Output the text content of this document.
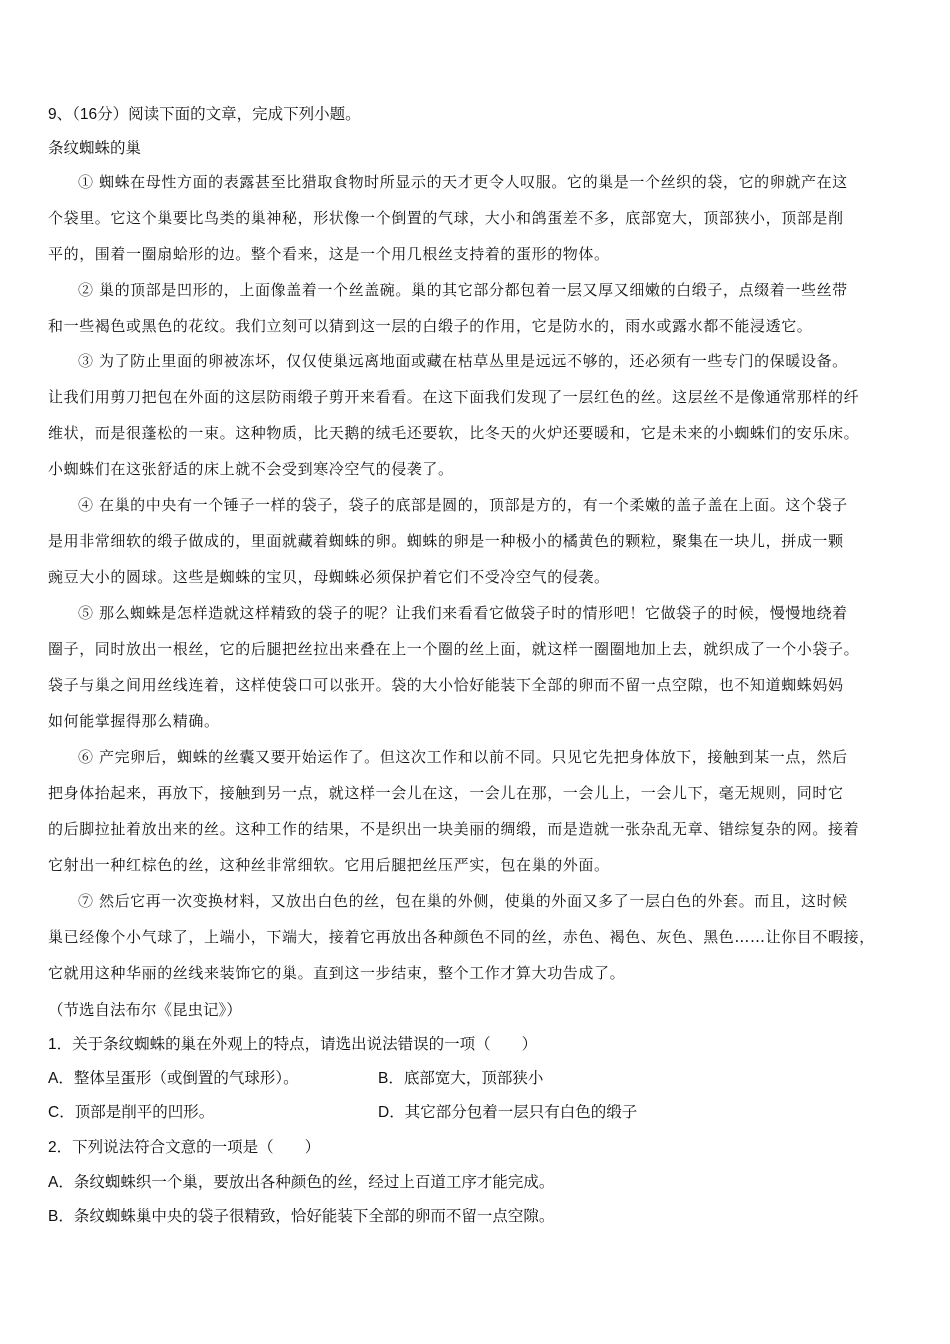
9、（16分）阅读下面的文章，完成下列小题。
条纹蜘蛛的巢
① 蜘蛛在母性方面的表露甚至比猎取食物时所显示的天才更令人叹服。它的巢是一个丝织的袋，它的卵就产在这
个袋里。它这个巢要比鸟类的巢神秘，形状像一个倒置的气球，大小和鸽蛋差不多，底部宽大，顶部狭小，顶部是削
平的，围着一圈扇蛤形的边。整个看来，这是一个用几根丝支持着的蛋形的物体。
② 巢的顶部是凹形的，上面像盖着一个丝盖碗。巢的其它部分都包着一层又厚又细嫩的白缎子，点缀着一些丝带
和一些褐色或黑色的花纹。我们立刻可以猜到这一层的白缎子的作用，它是防水的，雨水或露水都不能浸透它。
③ 为了防止里面的卵被冻坏，仅仅使巢远离地面或藏在枯草丛里是远远不够的，还必须有一些专门的保暖设备。
让我们用剪刀把包在外面的这层防雨缎子剪开来看看。在这下面我们发现了一层红色的丝。这层丝不是像通常那样的纤
维状，而是很蓬松的一束。这种物质，比天鹅的绒毛还要软，比冬天的火炉还要暖和，它是未来的小蜘蛛们的安乐床。
小蜘蛛们在这张舒适的床上就不会受到寒冷空气的侵袭了。
④ 在巢的中央有一个锤子一样的袋子，袋子的底部是圆的，顶部是方的，有一个柔嫩的盖子盖在上面。这个袋子
是用非常细软的缎子做成的，里面就藏着蜘蛛的卵。蜘蛛的卵是一种极小的橘黄色的颗粒，聚集在一块儿，拼成一颗
豌豆大小的圆球。这些是蜘蛛的宝贝，母蜘蛛必须保护着它们不受冷空气的侵袭。
⑤ 那么蜘蛛是怎样造就这样精致的袋子的呢？让我们来看看它做袋子时的情形吧！它做袋子的时候，慢慢地绕着
圈子，同时放出一根丝，它的后腿把丝拉出来叠在上一个圈的丝上面，就这样一圈圈地加上去，就织成了一个小袋子。
袋子与巢之间用丝线连着，这样使袋口可以张开。袋的大小恰好能装下全部的卵而不留一点空隙，也不知道蜘蛛妈妈
如何能掌握得那么精确。
⑥ 产完卵后，蜘蛛的丝囊又要开始运作了。但这次工作和以前不同。只见它先把身体放下，接触到某一点，然后
把身体抬起来，再放下，接触到另一点，就这样一会儿在这，一会儿在那，一会儿上，一会儿下，毫无规则，同时它
的后脚拉扯着放出来的丝。这种工作的结果，不是织出一块美丽的绸缎，而是造就一张杂乱无章、错综复杂的网。接着
它射出一种红棕色的丝，这种丝非常细软。它用后腿把丝压严实，包在巢的外面。
⑦ 然后它再一次变换材料，又放出白色的丝，包在巢的外侧，使巢的外面又多了一层白色的外套。而且，这时候
巢已经像个小气球了，上端小，下端大，接着它再放出各种颜色不同的丝，赤色、褐色、灰色、黑色……让你目不暇接，
它就用这种华丽的丝线来装饰它的巢。直到这一步结束，整个工作才算大功告成了。
（节选自法布尔《昆虫记》）
1．关于条纹蜘蛛的巢在外观上的特点，请选出说法错误的一项（　　）
A．整体呈蛋形（或倒置的气球形）。	B．底部宽大，顶部狭小
C．顶部是削平的凹形。	D．其它部分包着一层只有白色的缎子
2．下列说法符合文意的一项是（　　）
A．条纹蜘蛛织一个巢，要放出各种颜色的丝，经过上百道工序才能完成。
B．条纹蜘蛛巢中央的袋子很精致，恰好能装下全部的卵而不留一点空隙。
